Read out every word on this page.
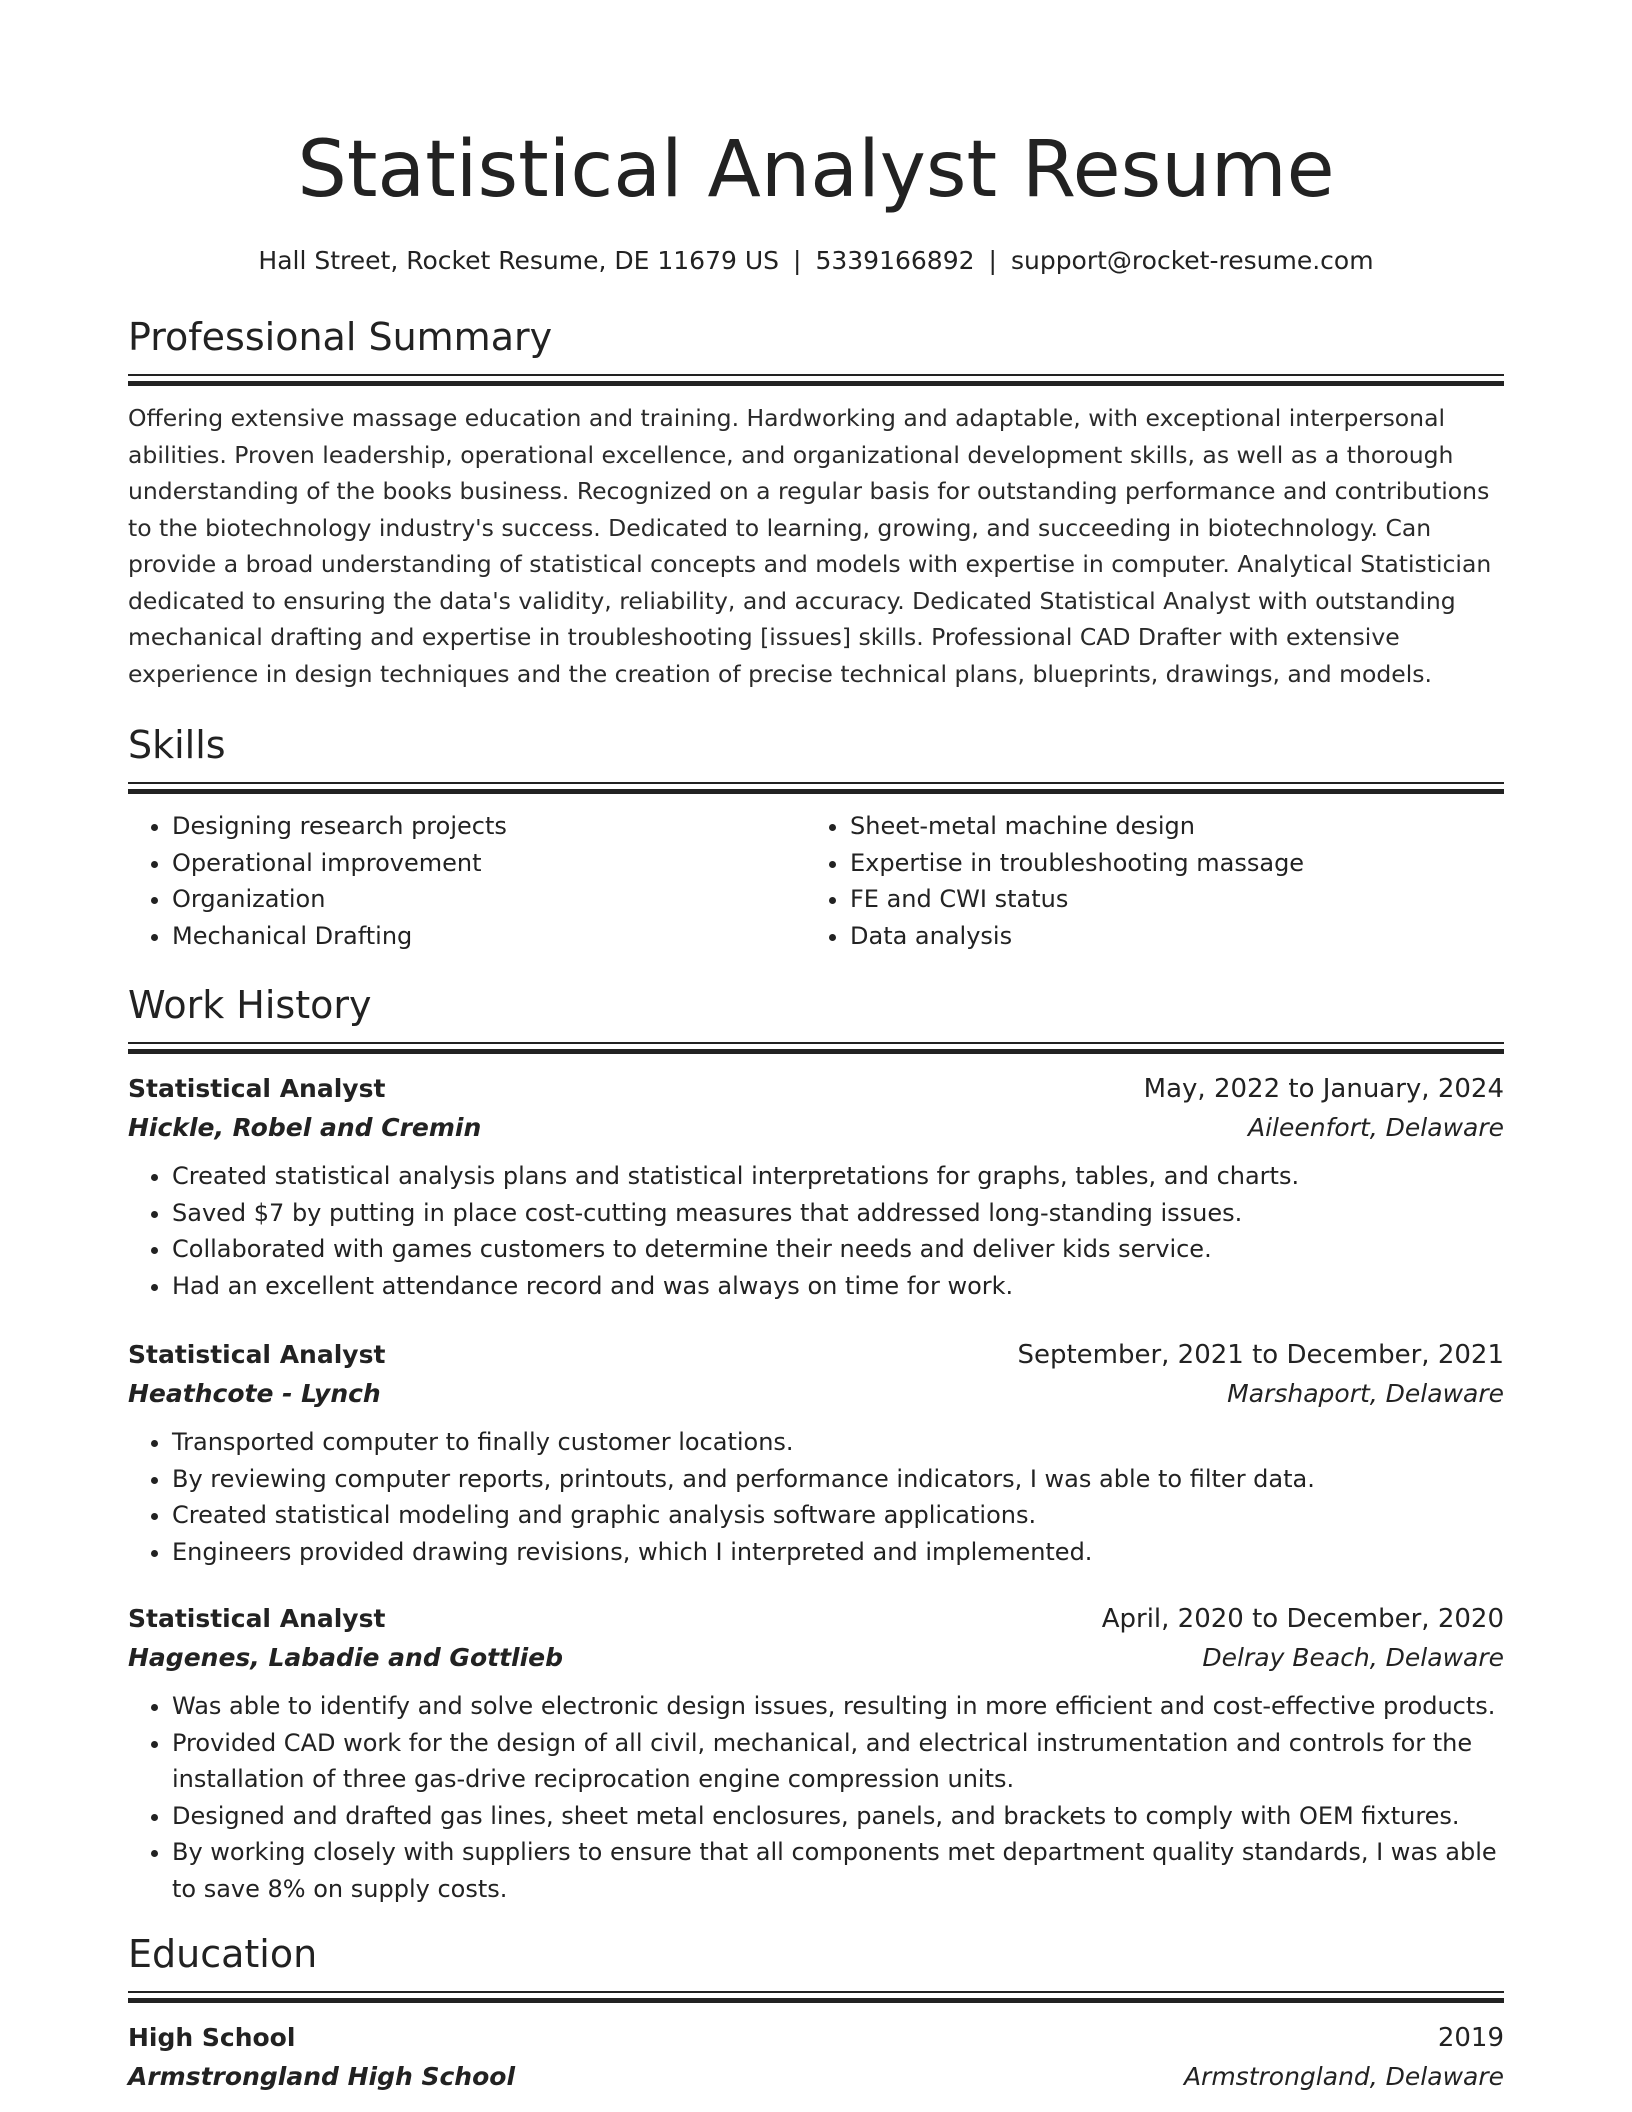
Statistical Analyst Resume
Hall Street, Rocket Resume, DE 11679 US | 5339166892 | support@rocket-resume.com
Professional Summary

Offering extensive massage education and training. Hardworking and adaptable, with exceptional interpersonal abilities. Proven leadership, operational excellence, and organizational development skills, as well as a thorough understanding of the books business. Recognized on a regular basis for outstanding performance and contributions to the biotechnology industry's success. Dedicated to learning, growing, and succeeding in biotechnology. Can provide a broad understanding of statistical concepts and models with expertise in computer. Analytical Statistician dedicated to ensuring the data's validity, reliability, and accuracy. Dedicated Statistical Analyst with outstanding mechanical drafting and expertise in troubleshooting [issues] skills. Professional CAD Drafter with extensive experience in design techniques and the creation of precise technical plans, blueprints, drawings, and models.

Skills
• Designing research projects
• Operational improvement
• Organization
• Mechanical Drafting
• Sheet-metal machine design
• Expertise in troubleshooting massage
• FE and CWI status
• Data analysis
Work History
Statistical Analyst	May, 2022 to January, 2024
Hickle, Robel and Cremin	Aileenfort, Delaware
• Created statistical analysis plans and statistical interpretations for graphs, tables, and charts.
• Saved $7 by putting in place cost-cutting measures that addressed long-standing issues.
• Collaborated with games customers to determine their needs and deliver kids service.
• Had an excellent attendance record and was always on time for work.
Statistical Analyst	September, 2021 to December, 2021
Heathcote - Lynch	Marshaport, Delaware
• Transported computer to finally customer locations.
• By reviewing computer reports, printouts, and performance indicators, I was able to filter data.
• Created statistical modeling and graphic analysis software applications.
• Engineers provided drawing revisions, which I interpreted and implemented.
Statistical Analyst	April, 2020 to December, 2020
Hagenes, Labadie and Gottlieb	Delray Beach, Delaware
• Was able to identify and solve electronic design issues, resulting in more efficient and cost-effective products.
• Provided CAD work for the design of all civil, mechanical, and electrical instrumentation and controls for the installation of three gas-drive reciprocation engine compression units.
• Designed and drafted gas lines, sheet metal enclosures, panels, and brackets to comply with OEM fixtures.
• By working closely with suppliers to ensure that all components met department quality standards, I was able to save 8% on supply costs.
Education
High School	2019
Armstrongland High School	Armstrongland, Delaware
